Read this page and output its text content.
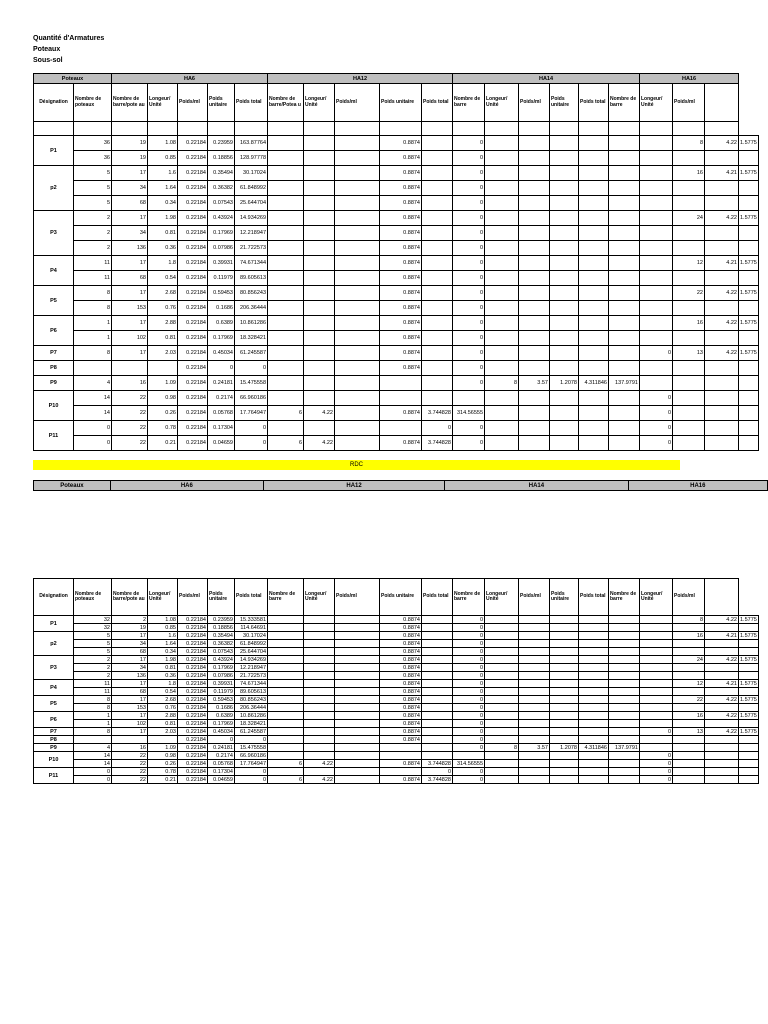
Quantité d'Armatures
Poteaux
Sous-sol
Poteaux		HA6					HA12					HA14						HA16			
Désignation	Nombre de poteaux	Nombre de barre/pote au	Longeur/ Unité	Poids/ml	Poids unitaire	Poids total	Nombre de barre/Potea u	Longeur/ Unité	Poids/ml	Poids unitaire	Poids total	Nombre de barre	Longeur/ Unité	Poids/ml	Poids unitaire	Poids total	Nombre de barre	Longeur/ Unité	Poids/ml		

P1	36	19	1.08	0.22184	0.23959	163.87764				0.8874		0							8	4.22	1.5775
	36	19	0.85	0.22184	0.18856	128.97778				0.8874		0									
p2	5	17	1.6	0.22184	0.35494	30.17024				0.8874		0							16	4.21	1.5775
	5	34	1.64	0.22184	0.36382	61.848992				0.8874		0									
	5	68	0.34	0.22184	0.07543	25.644704				0.8874		0									
P3	2	17	1.98	0.22184	0.43924	14.934269				0.8874		0							24	4.22	1.5775
	2	34	0.81	0.22184	0.17969	12.218947				0.8874		0									
	2	136	0.36	0.22184	0.07986	21.722573				0.8874		0									
P4	11	17	1.8	0.22184	0.39931	74.671344				0.8874		0							12	4.21	1.5775
	11	68	0.54	0.22184	0.11979	89.605613				0.8874		0									
P5	8	17	2.68	0.22184	0.59453	80.856243				0.8874		0							22	4.22	1.5775
	8	153	0.76	0.22184	0.1686	206.36444				0.8874		0									
P6	1	17	2.88	0.22184	0.6389	10.861286				0.8874		0							16	4.22	1.5775
	1	102	0.81	0.22184	0.17969	18.328421				0.8874		0									
P7	8	17	2.03	0.22184	0.45034	61.245587				0.8874		0						0	13	4.22	1.5775
P8				0.22184	0	0				0.8874		0									
P9	4	16	1.09	0.22184	0.24181	15.475558						0	8	3.57	1.2078	4.311846	137.9791				
P10	14	22	0.98	0.22184	0.2174	66.960186												0			
	14	22	0.26	0.22184	0.05768	17.764947	6	4.22		0.8874	3.744828	314.56555						0			
P11	0	22	0.78	0.22184	0.17304	0					0	0						0			
	0	22	0.21	0.22184	0.04659	0	6	4.22		0.8874	3.744828	0						0			
RDC
Poteaux	HA6	HA12	HA14	HA16
Désignation	Nombre de poteaux	Nombre de barre/pote au	Longeur/ Unité	Poids/ml	Poids unitaire	Poids total	Nombre de barre	Longeur/ Unité	Poids/ml	Poids unitaire	Poids total	Nombre de barre	Longeur/ Unité	Poids/ml	Poids unitaire	Poids total	Nombre de barre	Longeur/ Unité	Poids/ml		
P1	32	2	1.08	0.22184	0.23959	15.333581				0.8874		0							8	4.22	1.5775
	32	19	0.85	0.22184	0.18856	114.64691				0.8874		0									
p2	5	17	1.6	0.22184	0.35494	30.17024				0.8874		0							16	4.21	1.5775
	5	34	1.64	0.22184	0.36382	61.848992				0.8874		0									
	5	68	0.34	0.22184	0.07543	25.644704				0.8874		0									
P3	2	17	1.98	0.22184	0.43924	14.934269				0.8874		0							24	4.22	1.5775
	2	34	0.81	0.22184	0.17969	12.218947				0.8874		0									
	2	136	0.36	0.22184	0.07986	21.722573				0.8874		0									
P4	11	17	1.8	0.22184	0.39931	74.671344				0.8874		0							12	4.21	1.5775
	11	68	0.54	0.22184	0.11979	89.605613				0.8874		0									
P5	8	17	2.68	0.22184	0.59453	80.856243				0.8874		0							22	4.22	1.5775
	8	153	0.76	0.22184	0.1686	206.36444				0.8874		0									
P6	1	17	2.88	0.22184	0.6389	10.861286				0.8874		0							16	4.22	1.5775
	1	102	0.81	0.22184	0.17969	18.328421				0.8874		0									
P7	8	17	2.03	0.22184	0.45034	61.245587				0.8874		0						0	13	4.22	1.5775
P8				0.22184	0	0				0.8874		0									
P9	4	16	1.09	0.22184	0.24181	15.475558						0	8	3.57	1.2078	4.311846	137.9791				
P10	14	22	0.98	0.22184	0.2174	66.960186												0			
	14	22	0.26	0.22184	0.05768	17.764947	6	4.22		0.8874	3.744828	314.56555						0			
P11	0	22	0.78	0.22184	0.17304	0					0	0						0			
	0	22	0.21	0.22184	0.04659	0	6	4.22		0.8874	3.744828	0						0			
